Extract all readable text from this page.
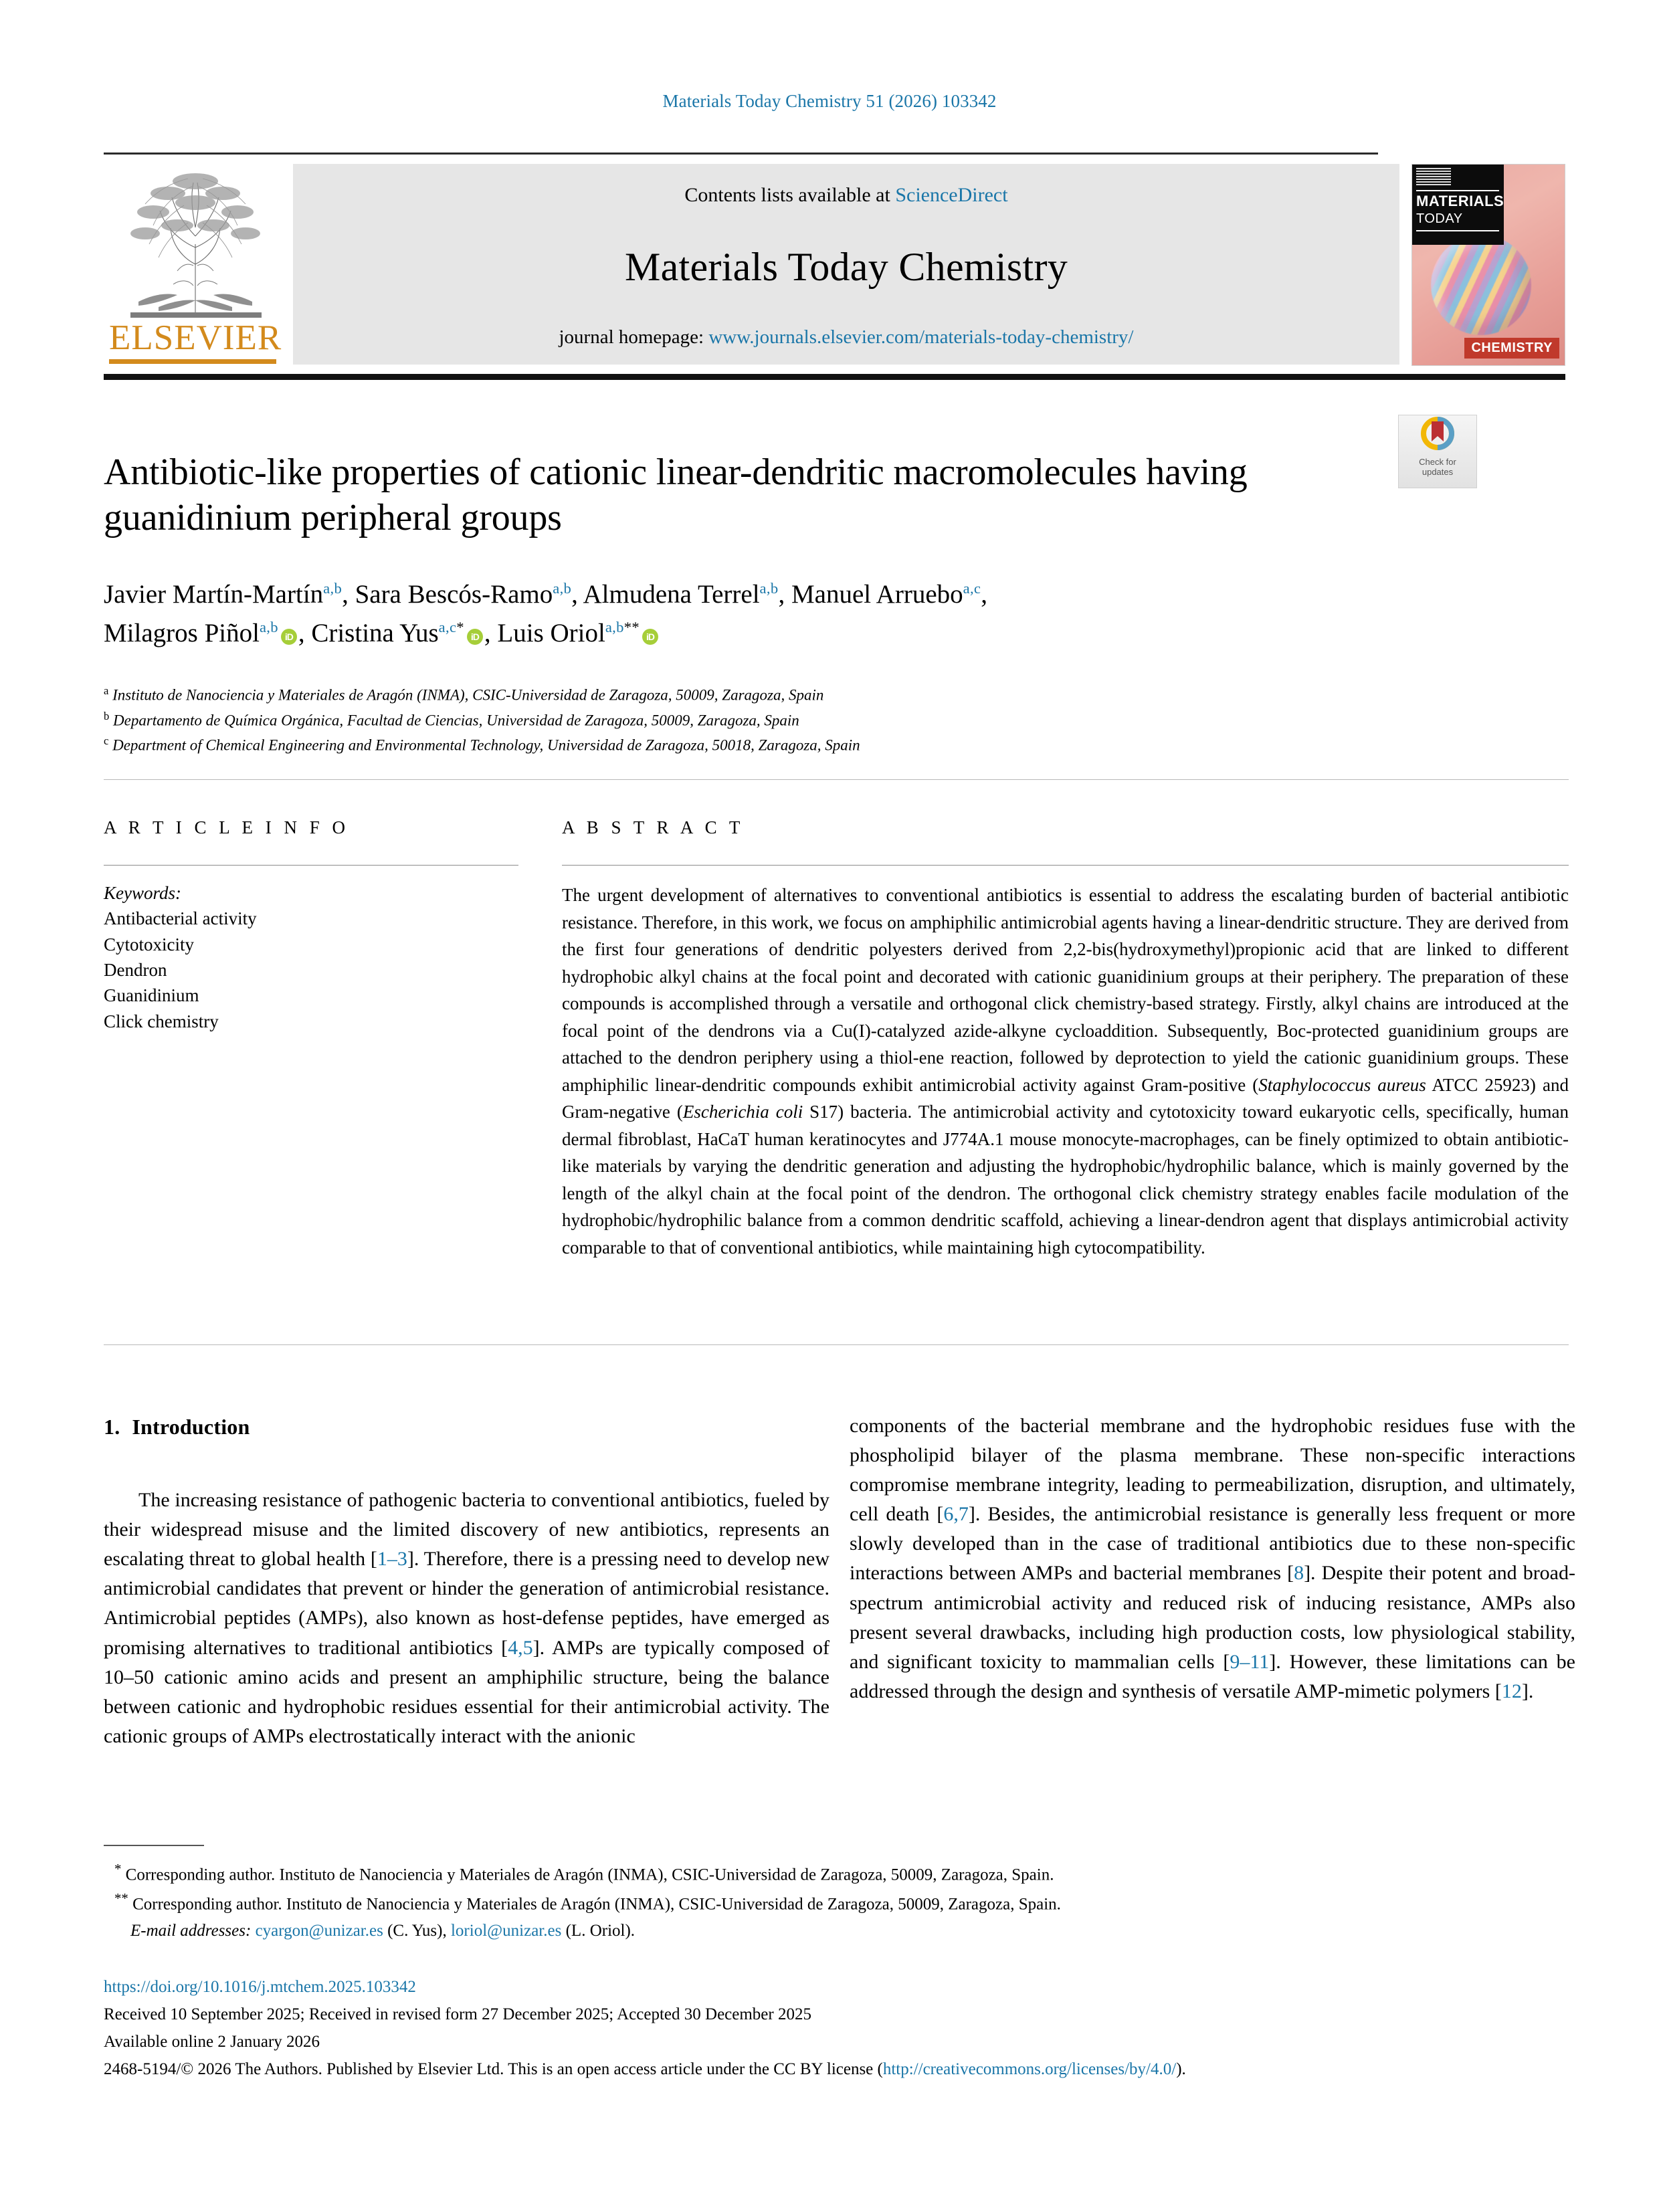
Materials Today Chemistry 51 (2026) 103342
ELSEVIER
Contents lists available at ScienceDirect
Materials Today Chemistry
journal homepage: www.journals.elsevier.com/materials-today-chemistry/
MATERIALS
TODAY
CHEMISTRY
Check for
updates
Antibiotic-like properties of cationic linear-dendritic macromolecules having guanidinium peripheral groups
Javier Martín-Martín$^{a,b}$, Sara Bescós-Ramo$^{a,b}$, Almudena Terrel$^{a,b}$, Manuel Arruebo$^{a,c}$,
Milagros Piñol$^{a,b}$iD , Cristina Yus$^{a,c*}$iD , Luis Oriol$^{a,b**}$iD
$^a$ Instituto de Nanociencia y Materiales de Aragón (INMA), CSIC-Universidad de Zaragoza, 50009, Zaragoza, Spain
$^b$ Departamento de Química Orgánica, Facultad de Ciencias, Universidad de Zaragoza, 50009, Zaragoza, Spain
$^c$ Department of Chemical Engineering and Environmental Technology, Universidad de Zaragoza, 50018, Zaragoza, Spain
A R T I C L E I N F O
Keywords:
Antibacterial activity
Cytotoxicity
Dendron
Guanidinium
Click chemistry
A B S T R A C T
The urgent development of alternatives to conventional antibiotics is essential to address the escalating burden of bacterial antibiotic resistance. Therefore, in this work, we focus on amphiphilic antimicrobial agents having a linear-dendritic structure. They are derived from the first four generations of dendritic polyesters derived from 2,2-bis(hydroxymethyl)propionic acid that are linked to different hydrophobic alkyl chains at the focal point and decorated with cationic guanidinium groups at their periphery. The preparation of these compounds is accomplished through a versatile and orthogonal click chemistry-based strategy. Firstly, alkyl chains are introduced at the focal point of the dendrons via a Cu(I)-catalyzed azide-alkyne cycloaddition. Subsequently, Boc-protected guanidinium groups are attached to the dendron periphery using a thiol-ene reaction, followed by deprotection to yield the cationic guanidinium groups. These amphiphilic linear-dendritic compounds exhibit antimicrobial activity against Gram-positive (Staphylococcus aureus ATCC 25923) and Gram-negative (Escherichia coli S17) bacteria. The antimicrobial activity and cytotoxicity toward eukaryotic cells, specifically, human dermal fibroblast, HaCaT human keratinocytes and J774A.1 mouse monocyte-macrophages, can be finely optimized to obtain antibiotic-like materials by varying the dendritic generation and adjusting the hydrophobic/hydrophilic balance, which is mainly governed by the length of the alkyl chain at the focal point of the dendron. The orthogonal click chemistry strategy enables facile modulation of the hydrophobic/hydrophilic balance from a common dendritic scaffold, achieving a linear-dendron agent that displays antimicrobial activity comparable to that of conventional antibiotics, while maintaining high cytocompatibility.
1. Introduction

The increasing resistance of pathogenic bacteria to conventional antibiotics, fueled by their widespread misuse and the limited discovery of new antibiotics, represents an escalating threat to global health [1–3]. Therefore, there is a pressing need to develop new antimicrobial candidates that prevent or hinder the generation of antimicrobial resistance. Antimicrobial peptides (AMPs), also known as host-defense peptides, have emerged as promising alternatives to traditional antibiotics [4,5]. AMPs are typically composed of 10–50 cationic amino acids and present an amphiphilic structure, being the balance between cationic and hydrophobic residues essential for their antimicrobial activity. The cationic groups of AMPs electrostatically interact with the anionic

components of the bacterial membrane and the hydrophobic residues fuse with the phospholipid bilayer of the plasma membrane. These non-specific interactions compromise membrane integrity, leading to permeabilization, disruption, and ultimately, cell death [6,7]. Besides, the antimicrobial resistance is generally less frequent or more slowly developed than in the case of traditional antibiotics due to these non-specific interactions between AMPs and bacterial membranes [8]. Despite their potent and broad-spectrum antimicrobial activity and reduced risk of inducing resistance, AMPs also present several drawbacks, including high production costs, low physiological stability, and significant toxicity to mammalian cells [9–11]. However, these limitations can be addressed through the design and synthesis of versatile AMP-mimetic polymers [12].

* Corresponding author. Instituto de Nanociencia y Materiales de Aragón (INMA), CSIC-Universidad de Zaragoza, 50009, Zaragoza, Spain.
** Corresponding author. Instituto de Nanociencia y Materiales de Aragón (INMA), CSIC-Universidad de Zaragoza, 50009, Zaragoza, Spain.
E-mail addresses: cyargon@unizar.es (C. Yus), loriol@unizar.es (L. Oriol).
https://doi.org/10.1016/j.mtchem.2025.103342
Received 10 September 2025; Received in revised form 27 December 2025; Accepted 30 December 2025
Available online 2 January 2026
2468-5194/© 2026 The Authors. Published by Elsevier Ltd. This is an open access article under the CC BY license (http://creativecommons.org/licenses/by/4.0/).
